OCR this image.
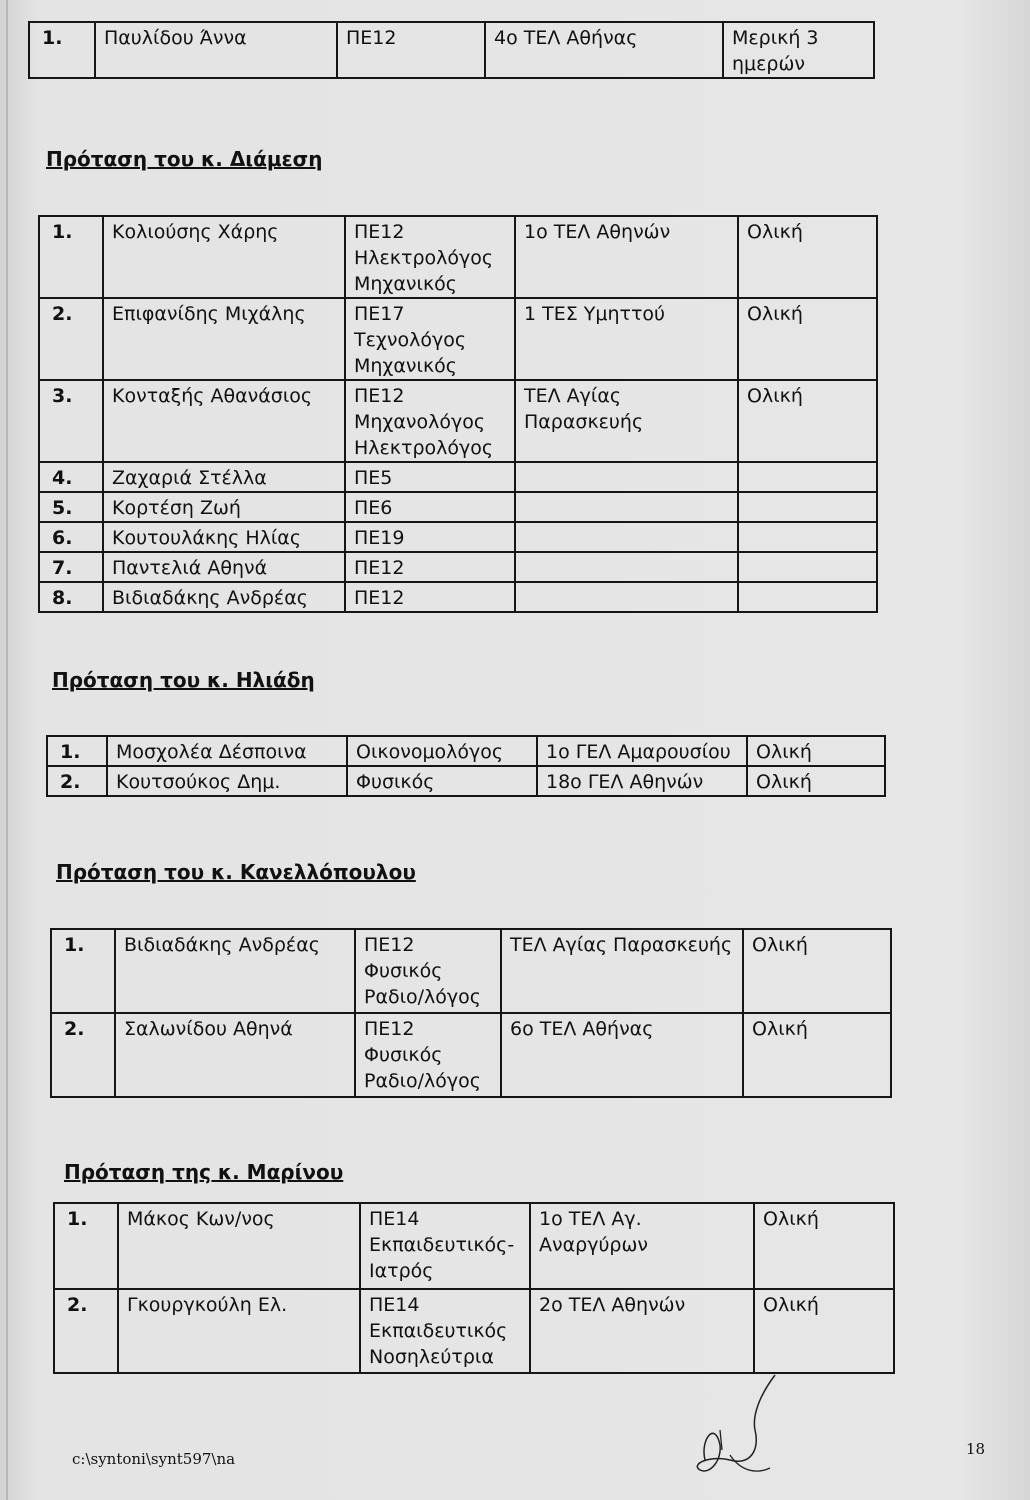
1.	Παυλίδου Άννα	ΠΕ12	4ο ΤΕΛ Αθήνας	Μερική 3 ημερών
Πρόταση του κ. Διάμεση
1.	Κολιούσης Χάρης	ΠΕ12 Ηλεκτρολόγος Μηχανικός	1ο ΤΕΛ Αθηνών	Ολική
2.	Επιφανίδης Μιχάλης	ΠΕ17 Τεχνολόγος Μηχανικός	1 ΤΕΣ Υμηττού	Ολική
3.	Κονταξής Αθανάσιος	ΠΕ12 Μηχανολόγος Ηλεκτρολόγος	ΤΕΛ Αγίας Παρασκευής	Ολική
4.	Ζαχαριά Στέλλα	ΠΕ5		
5.	Κορτέση Ζωή	ΠΕ6		
6.	Κουτουλάκης Ηλίας	ΠΕ19		
7.	Παντελιά Αθηνά	ΠΕ12		
8.	Βιδιαδάκης Ανδρέας	ΠΕ12		
Πρόταση του κ. Ηλιάδη
1.	Μοσχολέα Δέσποινα	Οικονομολόγος	1ο ΓΕΛ Αμαρουσίου	Ολική
2.	Κουτσούκος Δημ.	Φυσικός	18ο ΓΕΛ Αθηνών	Ολική
Πρόταση του κ. Κανελλόπουλου
1.	Βιδιαδάκης Ανδρέας	ΠΕ12 Φυσικός Ραδιο/λόγος	ΤΕΛ Αγίας Παρασκευής	Ολική
2.	Σαλωνίδου Αθηνά	ΠΕ12 Φυσικός Ραδιο/λόγος	6ο ΤΕΛ Αθήνας	Ολική
Πρόταση της κ. Μαρίνου
1.	Μάκος Κων/νος	ΠΕ14 Εκπαιδευτικός- Ιατρός	1ο ΤΕΛ Αγ. Αναργύρων	Ολική
2.	Γκουργκούλη Ελ.	ΠΕ14 Εκπαιδευτικός Νοσηλεύτρια	2ο ΤΕΛ Αθηνών	Ολική
c:\syntoni\synt597\na
18
